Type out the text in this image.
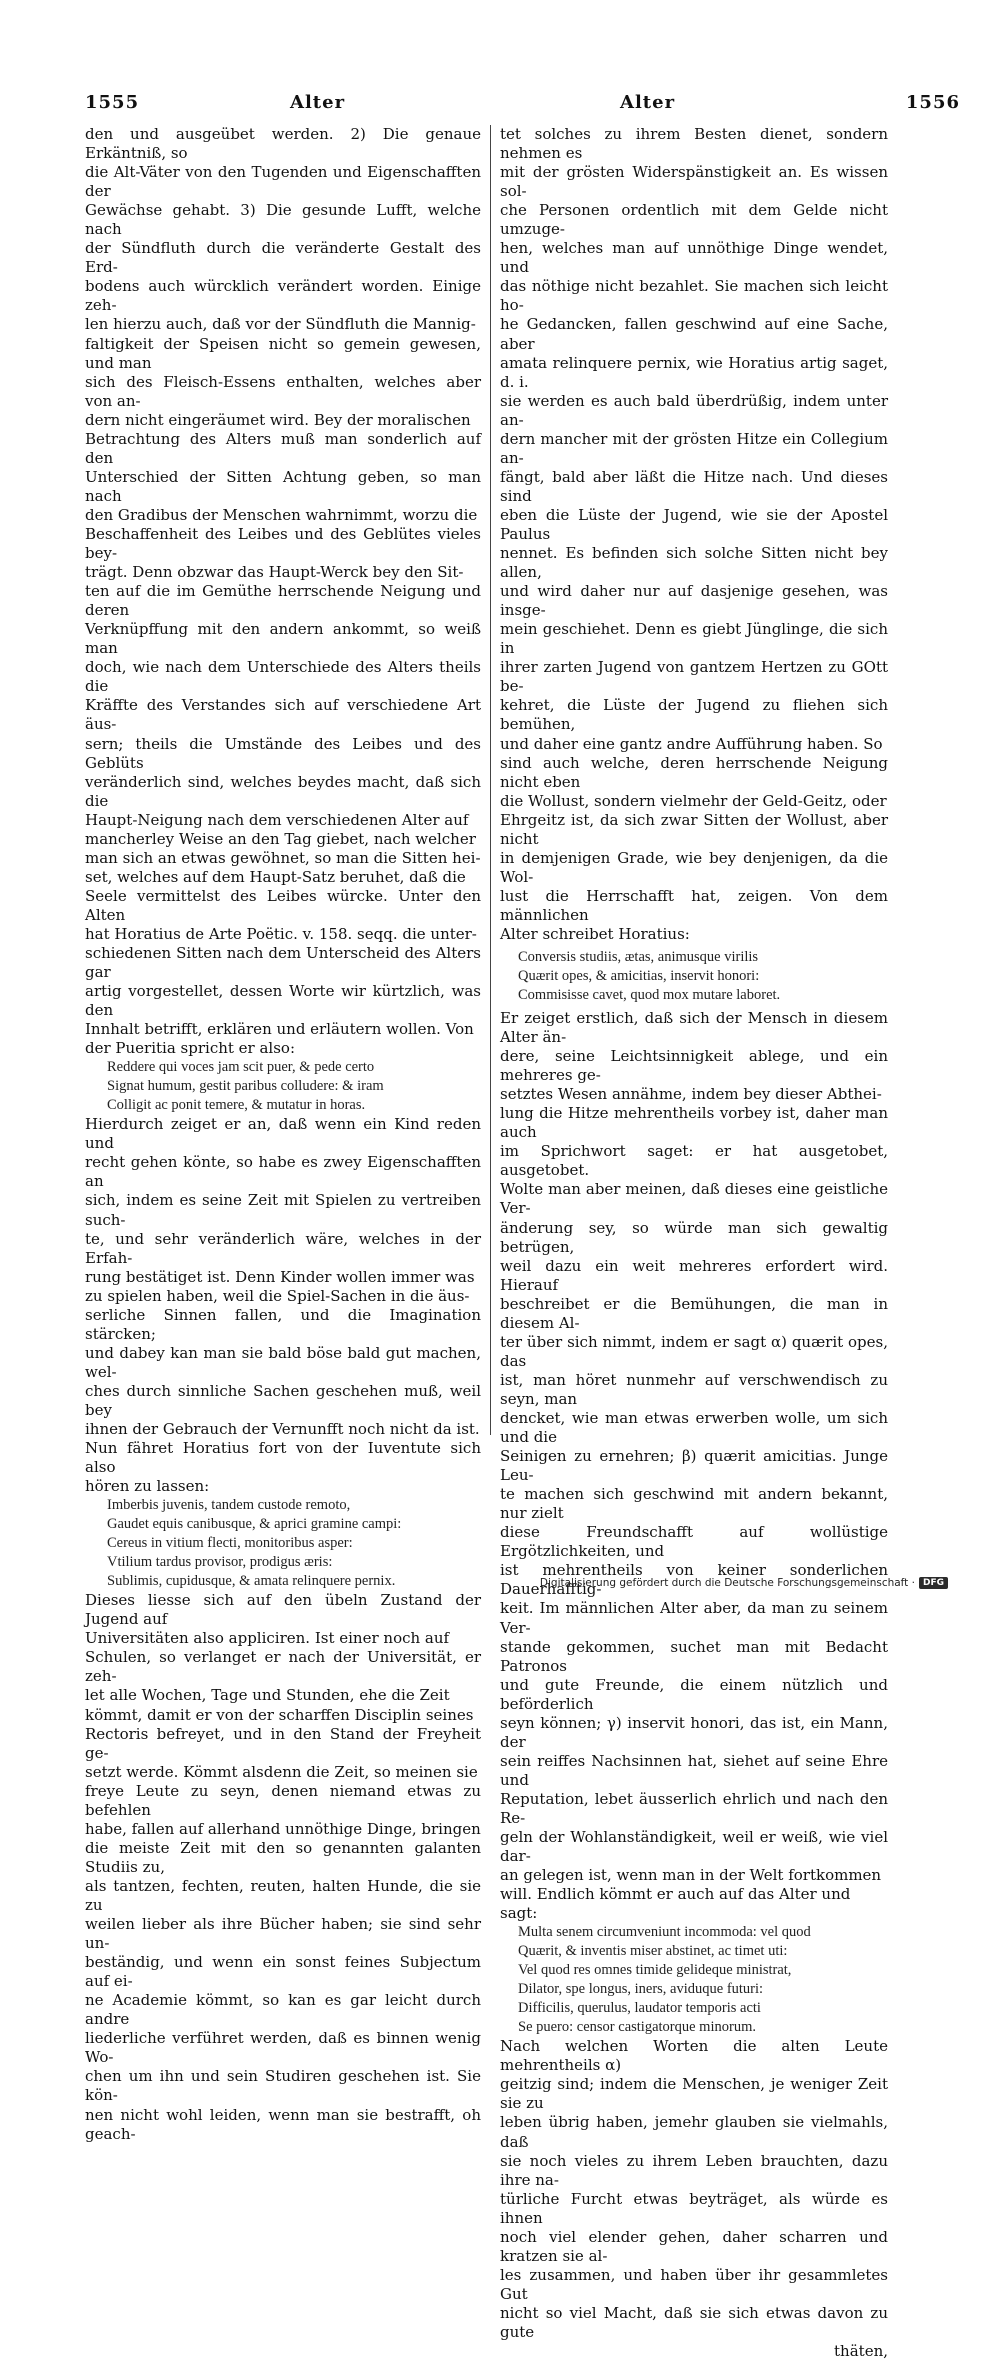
1555	Alter	Alter	1556

den und ausgeübet werden. 2) Die genaue Erkäntniß, so
die Alt-Väter von den Tugenden und Eigenschafften der
Gewächse gehabt. 3) Die gesunde Lufft, welche nach
der Sündfluth durch die veränderte Gestalt des Erd-
bodens auch würcklich verändert worden. Einige zeh-
len hierzu auch, daß vor der Sündfluth die Mannig-
faltigkeit der Speisen nicht so gemein gewesen, und man
sich des Fleisch-Essens enthalten, welches aber von an-
dern nicht eingeräumet wird. Bey der moralischen
Betrachtung des Alters muß man sonderlich auf den
Unterschied der Sitten Achtung geben, so man nach
den Gradibus der Menschen wahrnimmt, worzu die
Beschaffenheit des Leibes und des Geblütes vieles bey-
trägt. Denn obzwar das Haupt-Werck bey den Sit-
ten auf die im Gemüthe herrschende Neigung und deren
Verknüpffung mit den andern ankommt, so weiß man
doch, wie nach dem Unterschiede des Alters theils die
Kräffte des Verstandes sich auf verschiedene Art äus-
sern; theils die Umstände des Leibes und des Geblüts
veränderlich sind, welches beydes macht, daß sich die
Haupt-Neigung nach dem verschiedenen Alter auf
mancherley Weise an den Tag giebet, nach welcher
man sich an etwas gewöhnet, so man die Sitten hei-
set, welches auf dem Haupt-Satz beruhet, daß die
Seele vermittelst des Leibes würcke. Unter den Alten
hat Horatius de Arte Poëtic. v. 158. seqq. die unter-
schiedenen Sitten nach dem Unterscheid des Alters gar
artig vorgestellet, dessen Worte wir kürtzlich, was den
Innhalt betrifft, erklären und erläutern wollen. Von
der Pueritia spricht er also:

Reddere qui voces jam scit puer, & pede certo
Signat humum, gestit paribus colludere: & iram
Colligit ac ponit temere, & mutatur in horas.

Hierdurch zeiget er an, daß wenn ein Kind reden und
recht gehen könte, so habe es zwey Eigenschafften an
sich, indem es seine Zeit mit Spielen zu vertreiben such-
te, und sehr veränderlich wäre, welches in der Erfah-
rung bestätiget ist. Denn Kinder wollen immer was
zu spielen haben, weil die Spiel-Sachen in die äus-
serliche Sinnen fallen, und die Imagination stärcken;
und dabey kan man sie bald böse bald gut machen, wel-
ches durch sinnliche Sachen geschehen muß, weil bey
ihnen der Gebrauch der Vernunfft noch nicht da ist.
Nun fähret Horatius fort von der Iuventute sich also
hören zu lassen:

Imberbis juvenis, tandem custode remoto,
Gaudet equis canibusque, & aprici gramine campi:
Cereus in vitium flecti, monitoribus asper:
Vtilium tardus provisor, prodigus æris:
Sublimis, cupidusque, & amata relinquere pernix.

Dieses liesse sich auf den übeln Zustand der Jugend auf
Universitäten also appliciren. Ist einer noch auf
Schulen, so verlanget er nach der Universität, er zeh-
let alle Wochen, Tage und Stunden, ehe die Zeit
kömmt, damit er von der scharffen Disciplin seines
Rectoris befreyet, und in den Stand der Freyheit ge-
setzt werde. Kömmt alsdenn die Zeit, so meinen sie
freye Leute zu seyn, denen niemand etwas zu befehlen
habe, fallen auf allerhand unnöthige Dinge, bringen
die meiste Zeit mit den so genannten galanten Studiis zu,
als tantzen, fechten, reuten, halten Hunde, die sie zu
weilen lieber als ihre Bücher haben; sie sind sehr un-
beständig, und wenn ein sonst feines Subjectum auf ei-
ne Academie kömmt, so kan es gar leicht durch andre
liederliche verführet werden, daß es binnen wenig Wo-
chen um ihn und sein Studiren geschehen ist. Sie kön-
nen nicht wohl leiden, wenn man sie bestrafft, oh geach-

tet solches zu ihrem Besten dienet, sondern nehmen es
mit der grösten Widerspänstigkeit an. Es wissen sol-
che Personen ordentlich mit dem Gelde nicht umzuge-
hen, welches man auf unnöthige Dinge wendet, und
das nöthige nicht bezahlet. Sie machen sich leicht ho-
he Gedancken, fallen geschwind auf eine Sache, aber
amata relinquere pernix, wie Horatius artig saget, d. i.
sie werden es auch bald überdrüßig, indem unter an-
dern mancher mit der grösten Hitze ein Collegium an-
fängt, bald aber läßt die Hitze nach. Und dieses sind
eben die Lüste der Jugend, wie sie der Apostel Paulus
nennet. Es befinden sich solche Sitten nicht bey allen,
und wird daher nur auf dasjenige gesehen, was insge-
mein geschiehet. Denn es giebt Jünglinge, die sich in
ihrer zarten Jugend von gantzem Hertzen zu GOtt be-
kehret, die Lüste der Jugend zu fliehen sich bemühen,
und daher eine gantz andre Aufführung haben. So
sind auch welche, deren herrschende Neigung nicht eben
die Wollust, sondern vielmehr der Geld-Geitz, oder
Ehrgeitz ist, da sich zwar Sitten der Wollust, aber nicht
in demjenigen Grade, wie bey denjenigen, da die Wol-
lust die Herrschafft hat, zeigen. Von dem männlichen
Alter schreibet Horatius:

Conversis studiis, ætas, animusque virilis
Quærit opes, & amicitias, inservit honori:
Commisisse cavet, quod mox mutare laboret.

Er zeiget erstlich, daß sich der Mensch in diesem Alter än-
dere, seine Leichtsinnigkeit ablege, und ein mehreres ge-
setztes Wesen annähme, indem bey dieser Abthei-
lung die Hitze mehrentheils vorbey ist, daher man auch
im Sprichwort saget: er hat ausgetobet, ausgetobet.
Wolte man aber meinen, daß dieses eine geistliche Ver-
änderung sey, so würde man sich gewaltig betrügen,
weil dazu ein weit mehreres erfordert wird. Hierauf
beschreibet er die Bemühungen, die man in diesem Al-
ter über sich nimmt, indem er sagt α) quærit opes, das
ist, man höret nunmehr auf verschwendisch zu seyn, man
dencket, wie man etwas erwerben wolle, um sich und die
Seinigen zu ernehren; β) quærit amicitias. Junge Leu-
te machen sich geschwind mit andern bekannt, nur zielt
diese Freundschafft auf wollüstige Ergötzlichkeiten, und
ist mehrentheils von keiner sonderlichen Dauerhafftig-
keit. Im männlichen Alter aber, da man zu seinem Ver-
stande gekommen, suchet man mit Bedacht Patronos
und gute Freunde, die einem nützlich und beförderlich
seyn können; γ) inservit honori, das ist, ein Mann, der
sein reiffes Nachsinnen hat, siehet auf seine Ehre und
Reputation, lebet äusserlich ehrlich und nach den Re-
geln der Wohlanständigkeit, weil er weiß, wie viel dar-
an gelegen ist, wenn man in der Welt fortkommen
will. Endlich kömmt er auch auf das Alter und
sagt:

Multa senem circumveniunt incommoda: vel quod
Quærit, & inventis miser abstinet, ac timet uti:
Vel quod res omnes timide gelideque ministrat,
Dilator, spe longus, iners, aviduque futuri:
Difficilis, querulus, laudator temporis acti
Se puero: censor castigatorque minorum.

Nach welchen Worten die alten Leute mehrentheils α)
geitzig sind; indem die Menschen, je weniger Zeit sie zu
leben übrig haben, jemehr glauben sie vielmahls, daß
sie noch vieles zu ihrem Leben brauchten, dazu ihre na-
türliche Furcht etwas beyträget, als würde es ihnen
noch viel elender gehen, daher scharren und kratzen sie al-
les zusammen, und haben über ihr gesammletes Gut
nicht so viel Macht, daß sie sich etwas davon zu gute

thäten,

Digitalisierung gefördert durch die Deutsche Forschungsgemeinschaft · DFG
